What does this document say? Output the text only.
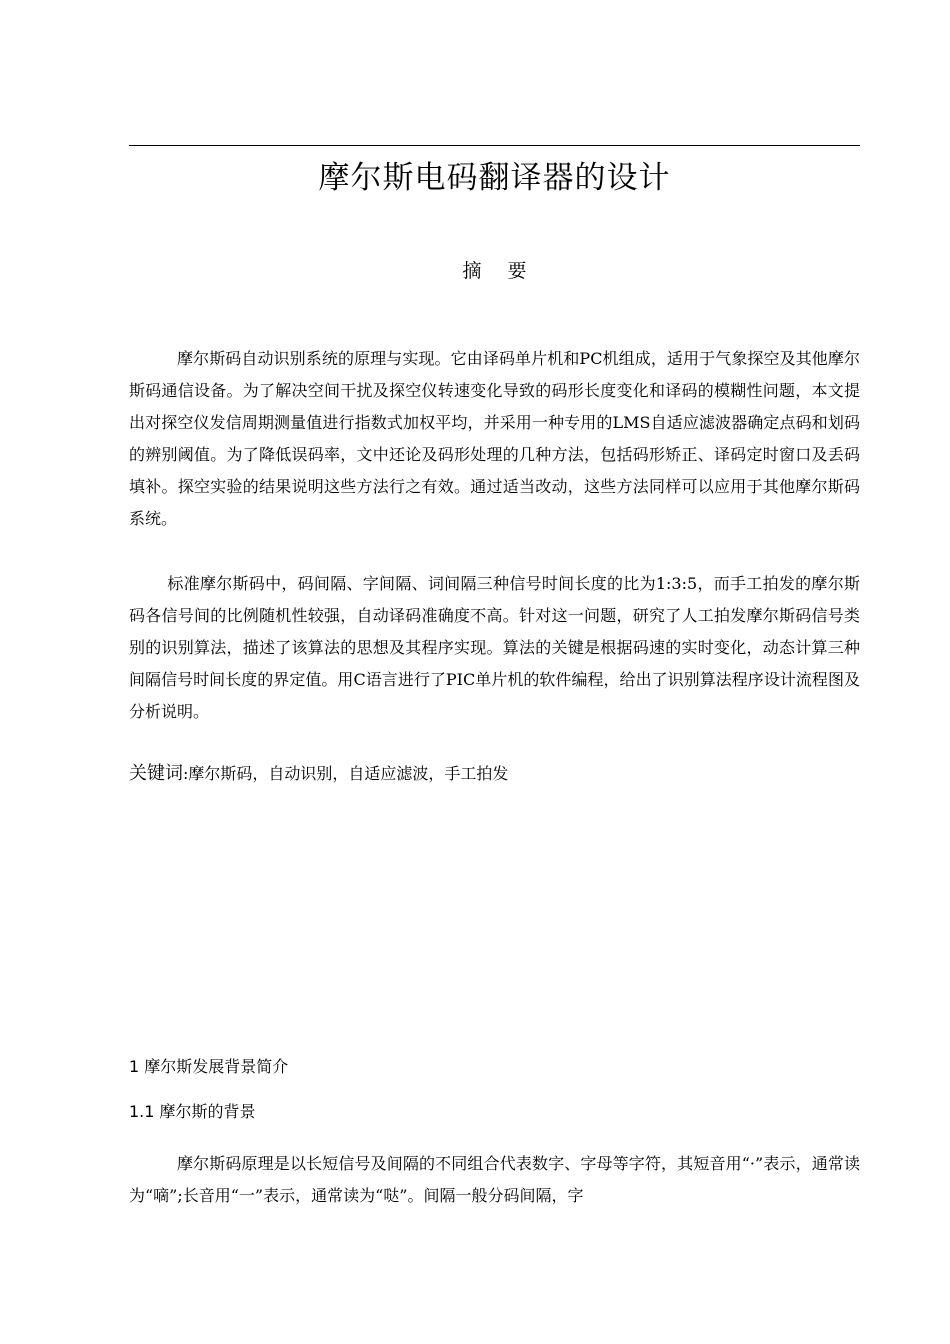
摩尔斯电码翻译器的设计
摘 要

摩尔斯码自动识别系统的原理与实现。它由译码单片机和PC机组成，适用于气象探空及其他摩尔斯码通信设备。为了解决空间干扰及探空仪转速变化导致的码形长度变化和译码的模糊性问题，本文提出对探空仪发信周期测量值进行指数式加权平均，并采用一种专用的LMS自适应滤波器确定点码和划码的辨别阈值。为了降低误码率，文中还论及码形处理的几种方法，包括码形矫正、译码定时窗口及丢码填补。探空实验的结果说明这些方法行之有效。通过适当改动，这些方法同样可以应用于其他摩尔斯码系统。

标准摩尔斯码中，码间隔、字间隔、词间隔三种信号时间长度的比为1:3:5，而手工拍发的摩尔斯码各信号间的比例随机性较强，自动译码准确度不高。针对这一问题，研究了人工拍发摩尔斯码信号类别的识别算法，描述了该算法的思想及其程序实现。算法的关键是根据码速的实时变化，动态计算三种间隔信号时间长度的界定值。用C语言进行了PIC单片机的软件编程，给出了识别算法程序设计流程图及分析说明。

关键词:摩尔斯码，自动识别，自适应滤波，手工拍发
1 摩尔斯发展背景简介
1.1 摩尔斯的背景

摩尔斯码原理是以长短信号及间隔的不同组合代表数字、字母等字符，其短音用“·”表示，通常读为“嘀”;长音用“一”表示，通常读为“哒”。间隔一般分码间隔，字
